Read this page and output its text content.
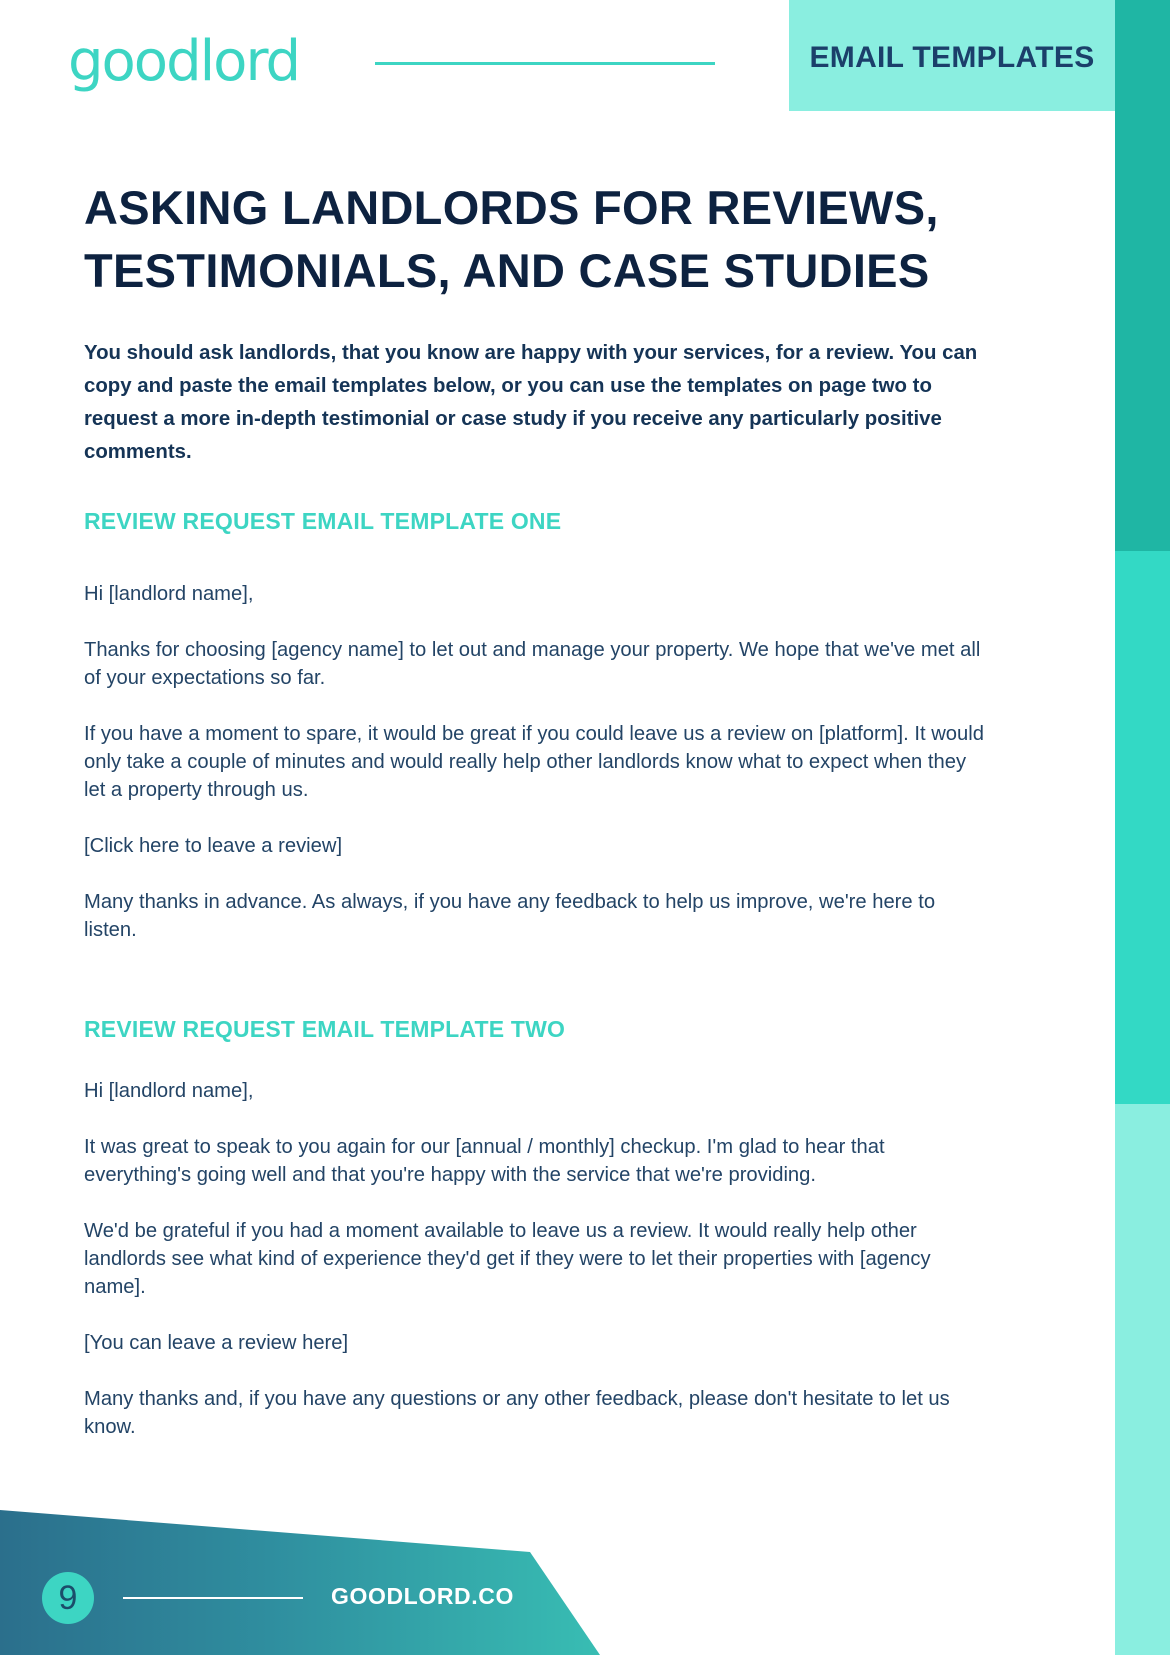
goodlord	EMAIL TEMPLATES
ASKING LANDLORDS FOR REVIEWS, TESTIMONIALS, AND CASE STUDIES

You should ask landlords, that you know are happy with your services, for a review. You can copy and paste the email templates below, or you can use the templates on page two to request a more in-depth testimonial or case study if you receive any particularly positive comments.

REVIEW REQUEST EMAIL TEMPLATE ONE

Hi [landlord name],

Thanks for choosing [agency name] to let out and manage your property. We hope that we've met all of your expectations so far.

If you have a moment to spare, it would be great if you could leave us a review on [platform]. It would only take a couple of minutes and would really help other landlords know what to expect when they let a property through us.

[Click here to leave a review]

Many thanks in advance. As always, if you have any feedback to help us improve, we're here to listen.

REVIEW REQUEST EMAIL TEMPLATE TWO

Hi [landlord name],

It was great to speak to you again for our [annual / monthly] checkup. I'm glad to hear that everything's going well and that you're happy with the service that we're providing.

We'd be grateful if you had a moment available to leave us a review. It would really help other landlords see what kind of experience they'd get if they were to let their properties with [agency name].

[You can leave a review here]

Many thanks and, if you have any questions or any other feedback, please don't hesitate to let us know.

9	GOODLORD.CO
